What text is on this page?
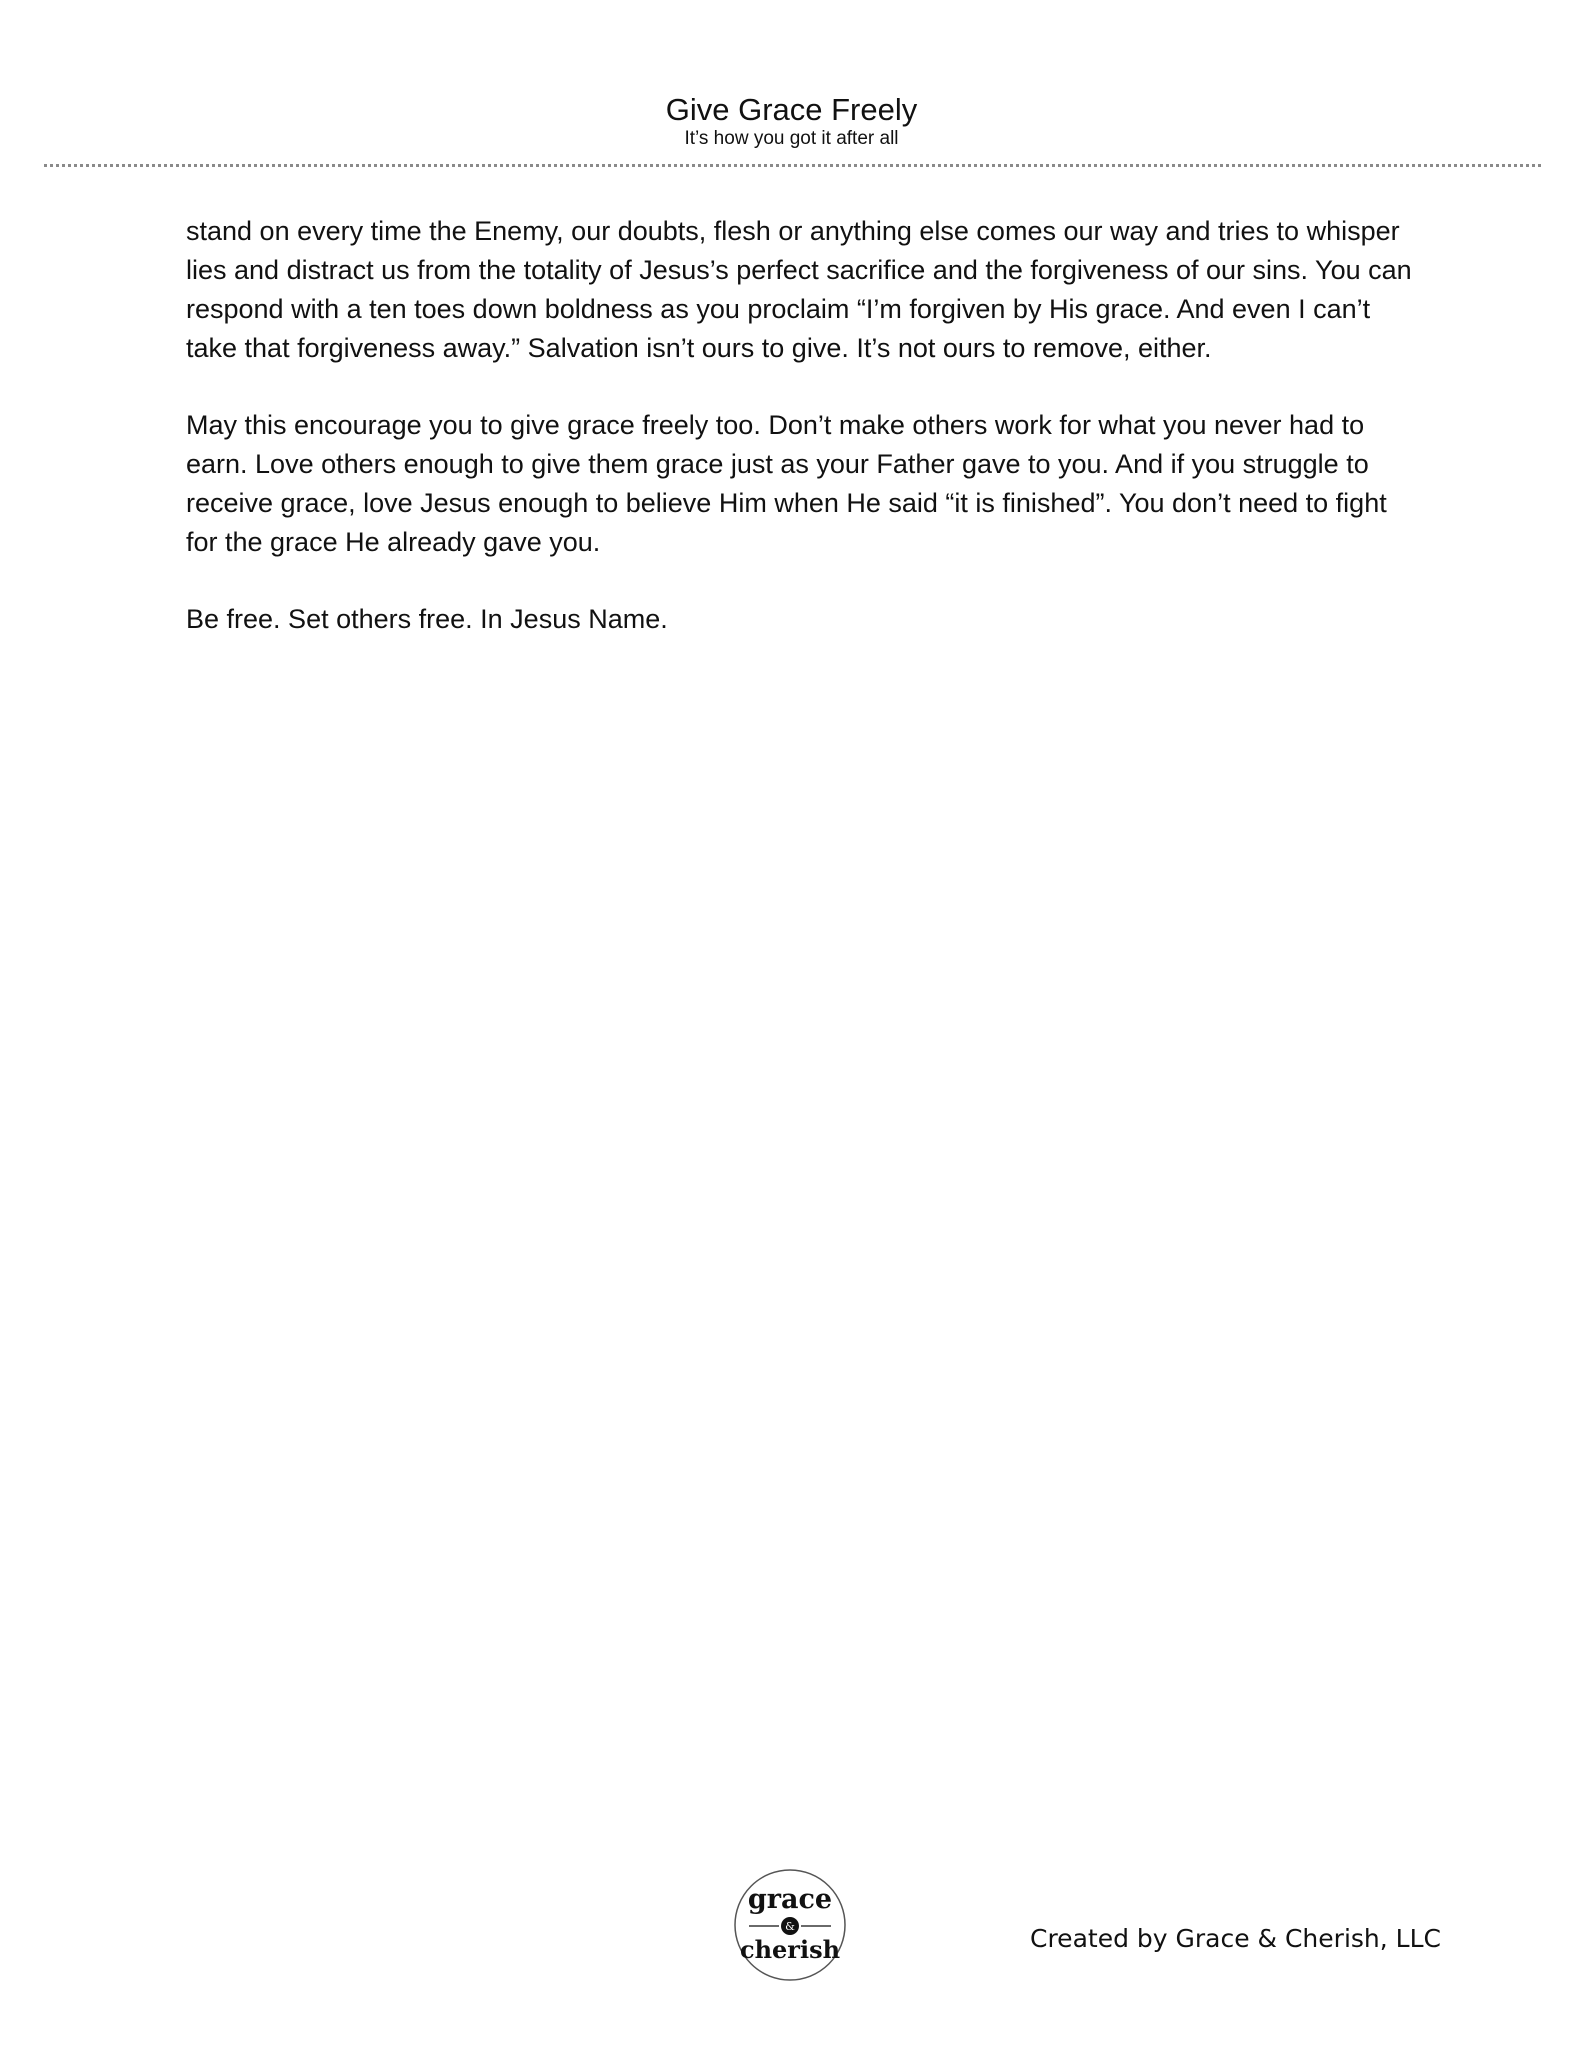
Give Grace Freely
It’s how you got it after all

stand on every time the Enemy, our doubts, flesh or anything else comes our way and tries to whisper lies and distract us from the totality of Jesus’s perfect sacrifice and the forgiveness of our sins. You can respond with a ten toes down boldness as you proclaim “I’m forgiven by His grace. And even I can’t take that forgiveness away.” Salvation isn’t ours to give. It’s not ours to remove, either.

May this encourage you to give grace freely too. Don’t make others work for what you never had to earn. Love others enough to give them grace just as your Father gave to you. And if you struggle to receive grace, love Jesus enough to believe Him when He said “it is finished”. You don’t need to fight for the grace He already gave you.

Be free. Set others free. In Jesus Name.

grace
&
cherish	Created by Grace & Cherish, LLC
